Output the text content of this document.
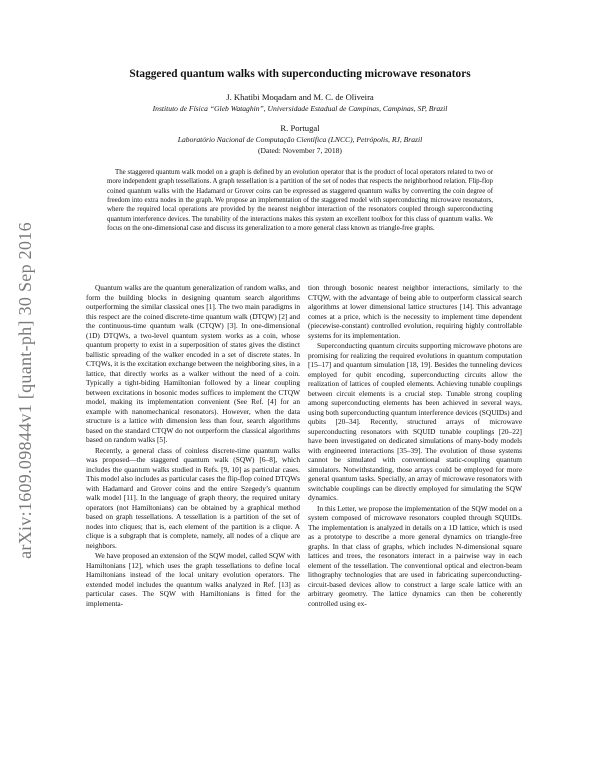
arXiv:1609.09844v1 [quant-ph] 30 Sep 2016
Staggered quantum walks with superconducting microwave resonators
J. Khatibi Moqadam and M. C. de Oliveira
Instituto de Física “Gleb Wataghin”, Universidade Estadual de Campinas, Campinas, SP, Brazil
R. Portugal
Laboratório Nacional de Computação Científica (LNCC), Petrópolis, RJ, Brazil
(Dated: November 7, 2018)

The staggered quantum walk model on a graph is defined by an evolution operator that is the product of local operators related to two or more independent graph tessellations. A graph tessellation is a partition of the set of nodes that respects the neighborhood relation. Flip-flop coined quantum walks with the Hadamard or Grover coins can be expressed as staggered quantum walks by converting the coin degree of freedom into extra nodes in the graph. We propose an implementation of the staggered model with superconducting microwave resonators, where the required local operations are provided by the nearest neighbor interaction of the resonators coupled through superconducting quantum interference devices. The tunability of the interactions makes this system an excellent toolbox for this class of quantum walks. We focus on the one-dimensional case and discuss its generalization to a more general class known as triangle-free graphs.

Quantum walks are the quantum generalization of random walks, and form the building blocks in designing quantum search algorithms outperforming the similar classical ones [1]. The two main paradigms in this respect are the coined discrete-time quantum walk (DTQW) [2] and the continuous-time quantum walk (CTQW) [3]. In one-dimensional (1D) DTQWs, a two-level quantum system works as a coin, whose quantum property to exist in a superposition of states gives the distinct ballistic spreading of the walker encoded in a set of discrete states. In CTQWs, it is the excitation exchange between the neighboring sites, in a lattice, that directly works as a walker without the need of a coin. Typically a tight-biding Hamiltonian followed by a linear coupling between excitations in bosonic modes suffices to implement the CTQW model, making its implementation convenient (See Ref. [4] for an example with nanomechanical resonators). However, when the data structure is a lattice with dimension less than four, search algorithms based on the standard CTQW do not outperform the classical algorithms based on random walks [5].

Recently, a general class of coinless discrete-time quantum walks was proposed—the staggered quantum walk (SQW) [6–8], which includes the quantum walks studied in Refs. [9, 10] as particular cases. This model also includes as particular cases the flip-flop coined DTQWs with Hadamard and Grover coins and the entire Szegedy’s quantum walk model [11]. In the language of graph theory, the required unitary operators (not Hamiltonians) can be obtained by a graphical method based on graph tessellations. A tessellation is a partition of the set of nodes into cliques; that is, each element of the partition is a clique. A clique is a subgraph that is complete, namely, all nodes of a clique are neighbors.

We have proposed an extension of the SQW model, called SQW with Hamiltonians [12], which uses the graph tessellations to define local Hamiltonians instead of the local unitary evolution operators. The extended model includes the quantum walks analyzed in Ref. [13] as particular cases. The SQW with Hamiltonians is fitted for the implementa-

tion through bosonic nearest neighbor interactions, similarly to the CTQW, with the advantage of being able to outperform classical search algorithms at lower dimensional lattice structures [14]. This advantage comes at a price, which is the necessity to implement time dependent (piecewise-constant) controlled evolution, requiring highly controllable systems for its implementation.

Superconducting quantum circuits supporting microwave photons are promising for realizing the required evolutions in quantum computation [15–17] and quantum simulation [18, 19]. Besides the tunneling devices employed for qubit encoding, superconducting circuits allow the realization of lattices of coupled elements. Achieving tunable couplings between circuit elements is a crucial step. Tunable strong coupling among superconducting elements has been achieved in several ways, using both superconducting quantum interference devices (SQUIDs) and qubits [20–34]. Recently, structured arrays of microwave superconducting resonators with SQUID tunable couplings [20–22] have been investigated on dedicated simulations of many-body models with engineered interactions [35–39]. The evolution of those systems cannot be simulated with conventional static-coupling quantum simulators. Notwithstanding, those arrays could be employed for more general quantum tasks. Specially, an array of microwave resonators with switchable couplings can be directly employed for simulating the SQW dynamics.

In this Letter, we propose the implementation of the SQW model on a system composed of microwave resonators coupled through SQUIDs. The implementation is analyzed in details on a 1D lattice, which is used as a prototype to describe a more general dynamics on triangle-free graphs. In that class of graphs, which includes N-dimensional square lattices and trees, the resonators interact in a pairwise way in each element of the tessellation. The conventional optical and electron-beam lithography technologies that are used in fabricating superconducting-circuit-based devices allow to construct a large scale lattice with an arbitrary geometry. The lattice dynamics can then be coherently controlled using ex-
